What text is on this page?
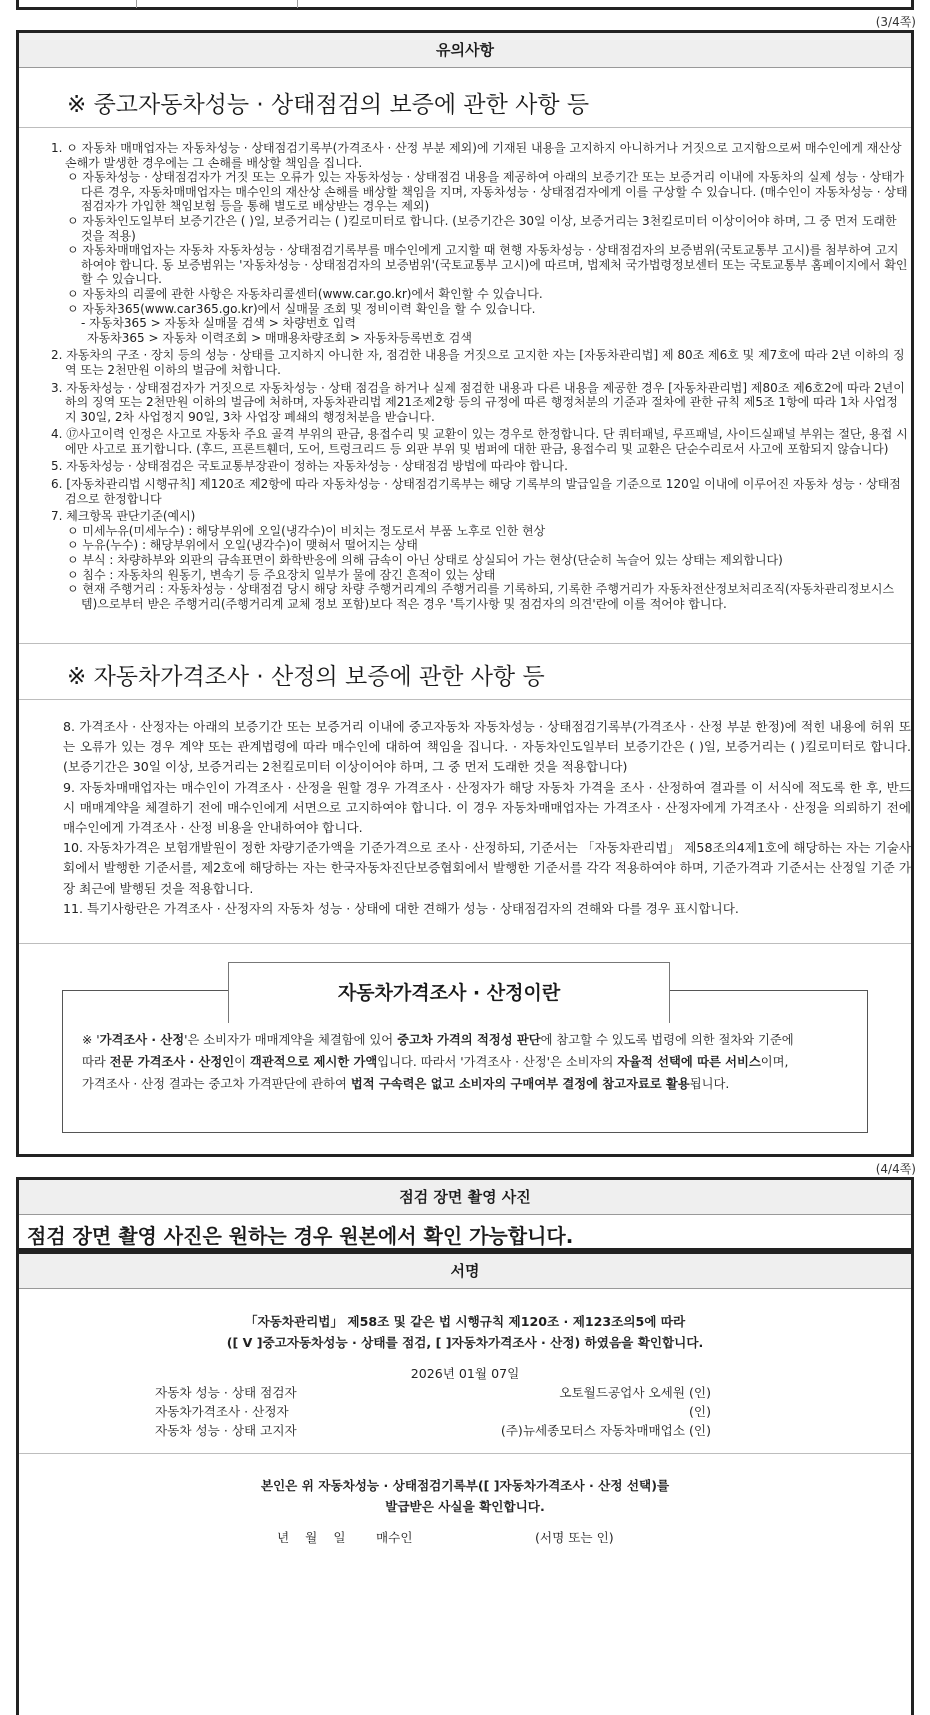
(3/4쪽)
유의사항
※ 중고자동차성능 · 상태점검의 보증에 관한 사항 등

1. ㅇ 자동차 매매업자는 자동차성능 · 상태점검기록부(가격조사 · 산정 부분 제외)에 기재된 내용을 고지하지 아니하거나 거짓으로 고지함으로써 매수인에게 재산상 손해가 발생한 경우에는 그 손해를 배상할 책임을 집니다.

ㅇ 자동차성능 · 상태점검자가 거짓 또는 오류가 있는 자동차성능 · 상태점검 내용을 제공하여 아래의 보증기간 또는 보증거리 이내에 자동차의 실제 성능 · 상태가 다른 경우, 자동차매매업자는 매수인의 재산상 손해를 배상할 책임을 지며, 자동차성능 · 상태점검자에게 이를 구상할 수 있습니다. (매수인이 자동차성능 · 상태점검자가 가입한 책임보험 등을 통해 별도로 배상받는 경우는 제외)

ㅇ 자동차인도일부터 보증기간은 ( )일, 보증거리는 ( )킬로미터로 합니다. (보증기간은 30일 이상, 보증거리는 3천킬로미터 이상이어야 하며, 그 중 먼저 도래한 것을 적용)

ㅇ 자동차매매업자는 자동차 자동차성능 · 상태점검기록부를 매수인에게 고지할 때 현행 자동차성능 · 상태점검자의 보증범위(국토교통부 고시)를 첨부하여 고지하여야 합니다. 동 보증범위는 '자동차성능 · 상태점검자의 보증범위'(국토교통부 고시)에 따르며, 법제처 국가법령정보센터 또는 국토교통부 홈페이지에서 확인할 수 있습니다.

ㅇ 자동차의 리콜에 관한 사항은 자동차리콜센터(www.car.go.kr)에서 확인할 수 있습니다.

ㅇ 자동차365(www.car365.go.kr)에서 실매물 조회 및 정비이력 확인을 할 수 있습니다.

- 자동차365 > 자동차 실매물 검색 > 차량번호 입력

자동차365 > 자동차 이력조회 > 매매용차량조회 > 자동차등록번호 검색

2. 자동차의 구조 · 장치 등의 성능 · 상태를 고지하지 아니한 자, 점검한 내용을 거짓으로 고지한 자는 [자동차관리법] 제 80조 제6호 및 제7호에 따라 2년 이하의 징역 또는 2천만원 이하의 벌금에 처합니다.

3. 자동차성능 · 상태점검자가 거짓으로 자동차성능 · 상태 점검을 하거나 실제 점검한 내용과 다른 내용을 제공한 경우 [자동차관리법] 제80조 제6호2에 따라 2년이하의 징역 또는 2천만원 이하의 벌금에 처하며, 자동차관리법 제21조제2항 등의 규정에 따른 행정처분의 기준과 절차에 관한 규칙 제5조 1항에 따라 1차 사업정지 30일, 2차 사업정지 90일, 3차 사업장 폐쇄의 행정처분을 받습니다.

4. ⑰사고이력 인정은 사고로 자동차 주요 골격 부위의 판금, 용접수리 및 교환이 있는 경우로 한정합니다. 단 쿼터패널, 루프패널, 사이드실패널 부위는 절단, 용접 시에만 사고로 표기합니다. (후드, 프론트휀더, 도어, 트렁크리드 등 외판 부위 및 범퍼에 대한 판금, 용접수리 및 교환은 단순수리로서 사고에 포함되지 않습니다)

5. 자동차성능 · 상태점검은 국토교통부장관이 정하는 자동차성능 · 상태점검 방법에 따라야 합니다.

6. [자동차관리법 시행규칙] 제120조 제2항에 따라 자동차성능 · 상태점검기록부는 해당 기록부의 발급일을 기준으로 120일 이내에 이루어진 자동차 성능 · 상태점검으로 한정합니다

7. 체크항목 판단기준(예시)

ㅇ 미세누유(미세누수) : 해당부위에 오일(냉각수)이 비치는 정도로서 부품 노후로 인한 현상

ㅇ 누유(누수) : 해당부위에서 오일(냉각수)이 맺혀서 떨어지는 상태

ㅇ 부식 : 차량하부와 외판의 금속표면이 화학반응에 의해 금속이 아닌 상태로 상실되어 가는 현상(단순히 녹슬어 있는 상태는 제외합니다)

ㅇ 침수 : 자동차의 원동기, 변속기 등 주요장치 일부가 물에 잠긴 흔적이 있는 상태

ㅇ 현재 주행거리 : 자동차성능 · 상태점검 당시 해당 차량 주행거리계의 주행거리를 기록하되, 기록한 주행거리가 자동차전산정보처리조직(자동차관리정보시스템)으로부터 받은 주행거리(주행거리계 교체 정보 포함)보다 적은 경우 '특기사항 및 점검자의 의견'란에 이를 적어야 합니다.

※ 자동차가격조사 · 산정의 보증에 관한 사항 등

8. 가격조사 · 산정자는 아래의 보증기간 또는 보증거리 이내에 중고자동차 자동차성능 · 상태점검기록부(가격조사 · 산정 부분 한정)에 적힌 내용에 허위 또는 오류가 있는 경우 계약 또는 관계법령에 따라 매수인에 대하여 책임을 집니다. · 자동차인도일부터 보증기간은 ( )일, 보증거리는 ( )킬로미터로 합니다. (보증기간은 30일 이상, 보증거리는 2천킬로미터 이상이어야 하며, 그 중 먼저 도래한 것을 적용합니다)

9. 자동차매매업자는 매수인이 가격조사 · 산정을 원할 경우 가격조사 · 산정자가 해당 자동차 가격을 조사 · 산정하여 결과를 이 서식에 적도록 한 후, 반드시 매매계약을 체결하기 전에 매수인에게 서면으로 고지하여야 합니다. 이 경우 자동차매매업자는 가격조사 · 산정자에게 가격조사 · 산정을 의뢰하기 전에 매수인에게 가격조사 · 산정 비용을 안내하여야 합니다.

10. 자동차가격은 보험개발원이 정한 차량기준가액을 기준가격으로 조사 · 산정하되, 기준서는 「자동차관리법」 제58조의4제1호에 해당하는 자는 기술사회에서 발행한 기준서를, 제2호에 해당하는 자는 한국자동차진단보증협회에서 발행한 기준서를 각각 적용하여야 하며, 기준가격과 기준서는 산정일 기준 가장 최근에 발행된 것을 적용합니다.

11. 특기사항란은 가격조사 · 산정자의 자동차 성능 · 상태에 대한 견해가 성능 · 상태점검자의 견해와 다를 경우 표시합니다.

자동차가격조사 · 산정이란
※ '가격조사 · 산정'은 소비자가 매매계약을 체결함에 있어 중고차 가격의 적정성 판단에 참고할 수 있도록 법령에 의한 절차와 기준에 따라 전문 가격조사 · 산정인이 객관적으로 제시한 가액입니다. 따라서 '가격조사 · 산정'은 소비자의 자율적 선택에 따른 서비스이며, 가격조사 · 산정 결과는 중고차 가격판단에 관하여 법적 구속력은 없고 소비자의 구매여부 결정에 참고자료로 활용됩니다.
(4/4쪽)
점검 장면 촬영 사진
점검 장면 촬영 사진은 원하는 경우 원본에서 확인 가능합니다.
서명
「자동차관리법」 제58조 및 같은 법 시행규칙 제120조 · 제123조의5에 따라
([ V ]중고자동차성능 · 상태를 점검, [ ]자동차가격조사 · 산정) 하였음을 확인합니다.
2026년 01월 07일
자동차 성능 · 상태 점검자	오토월드공업사 오세원 (인)
자동차가격조사 · 산정자	(인)
자동차 성능 · 상태 고지자	(주)뉴세종모터스 자동차매매업소 (인)
본인은 위 자동차성능 · 상태점검기록부([ ]자동차가격조사 · 산정 선택)를
발급받은 사실을 확인합니다.
년    월    일 매수인	(서명 또는 인)
